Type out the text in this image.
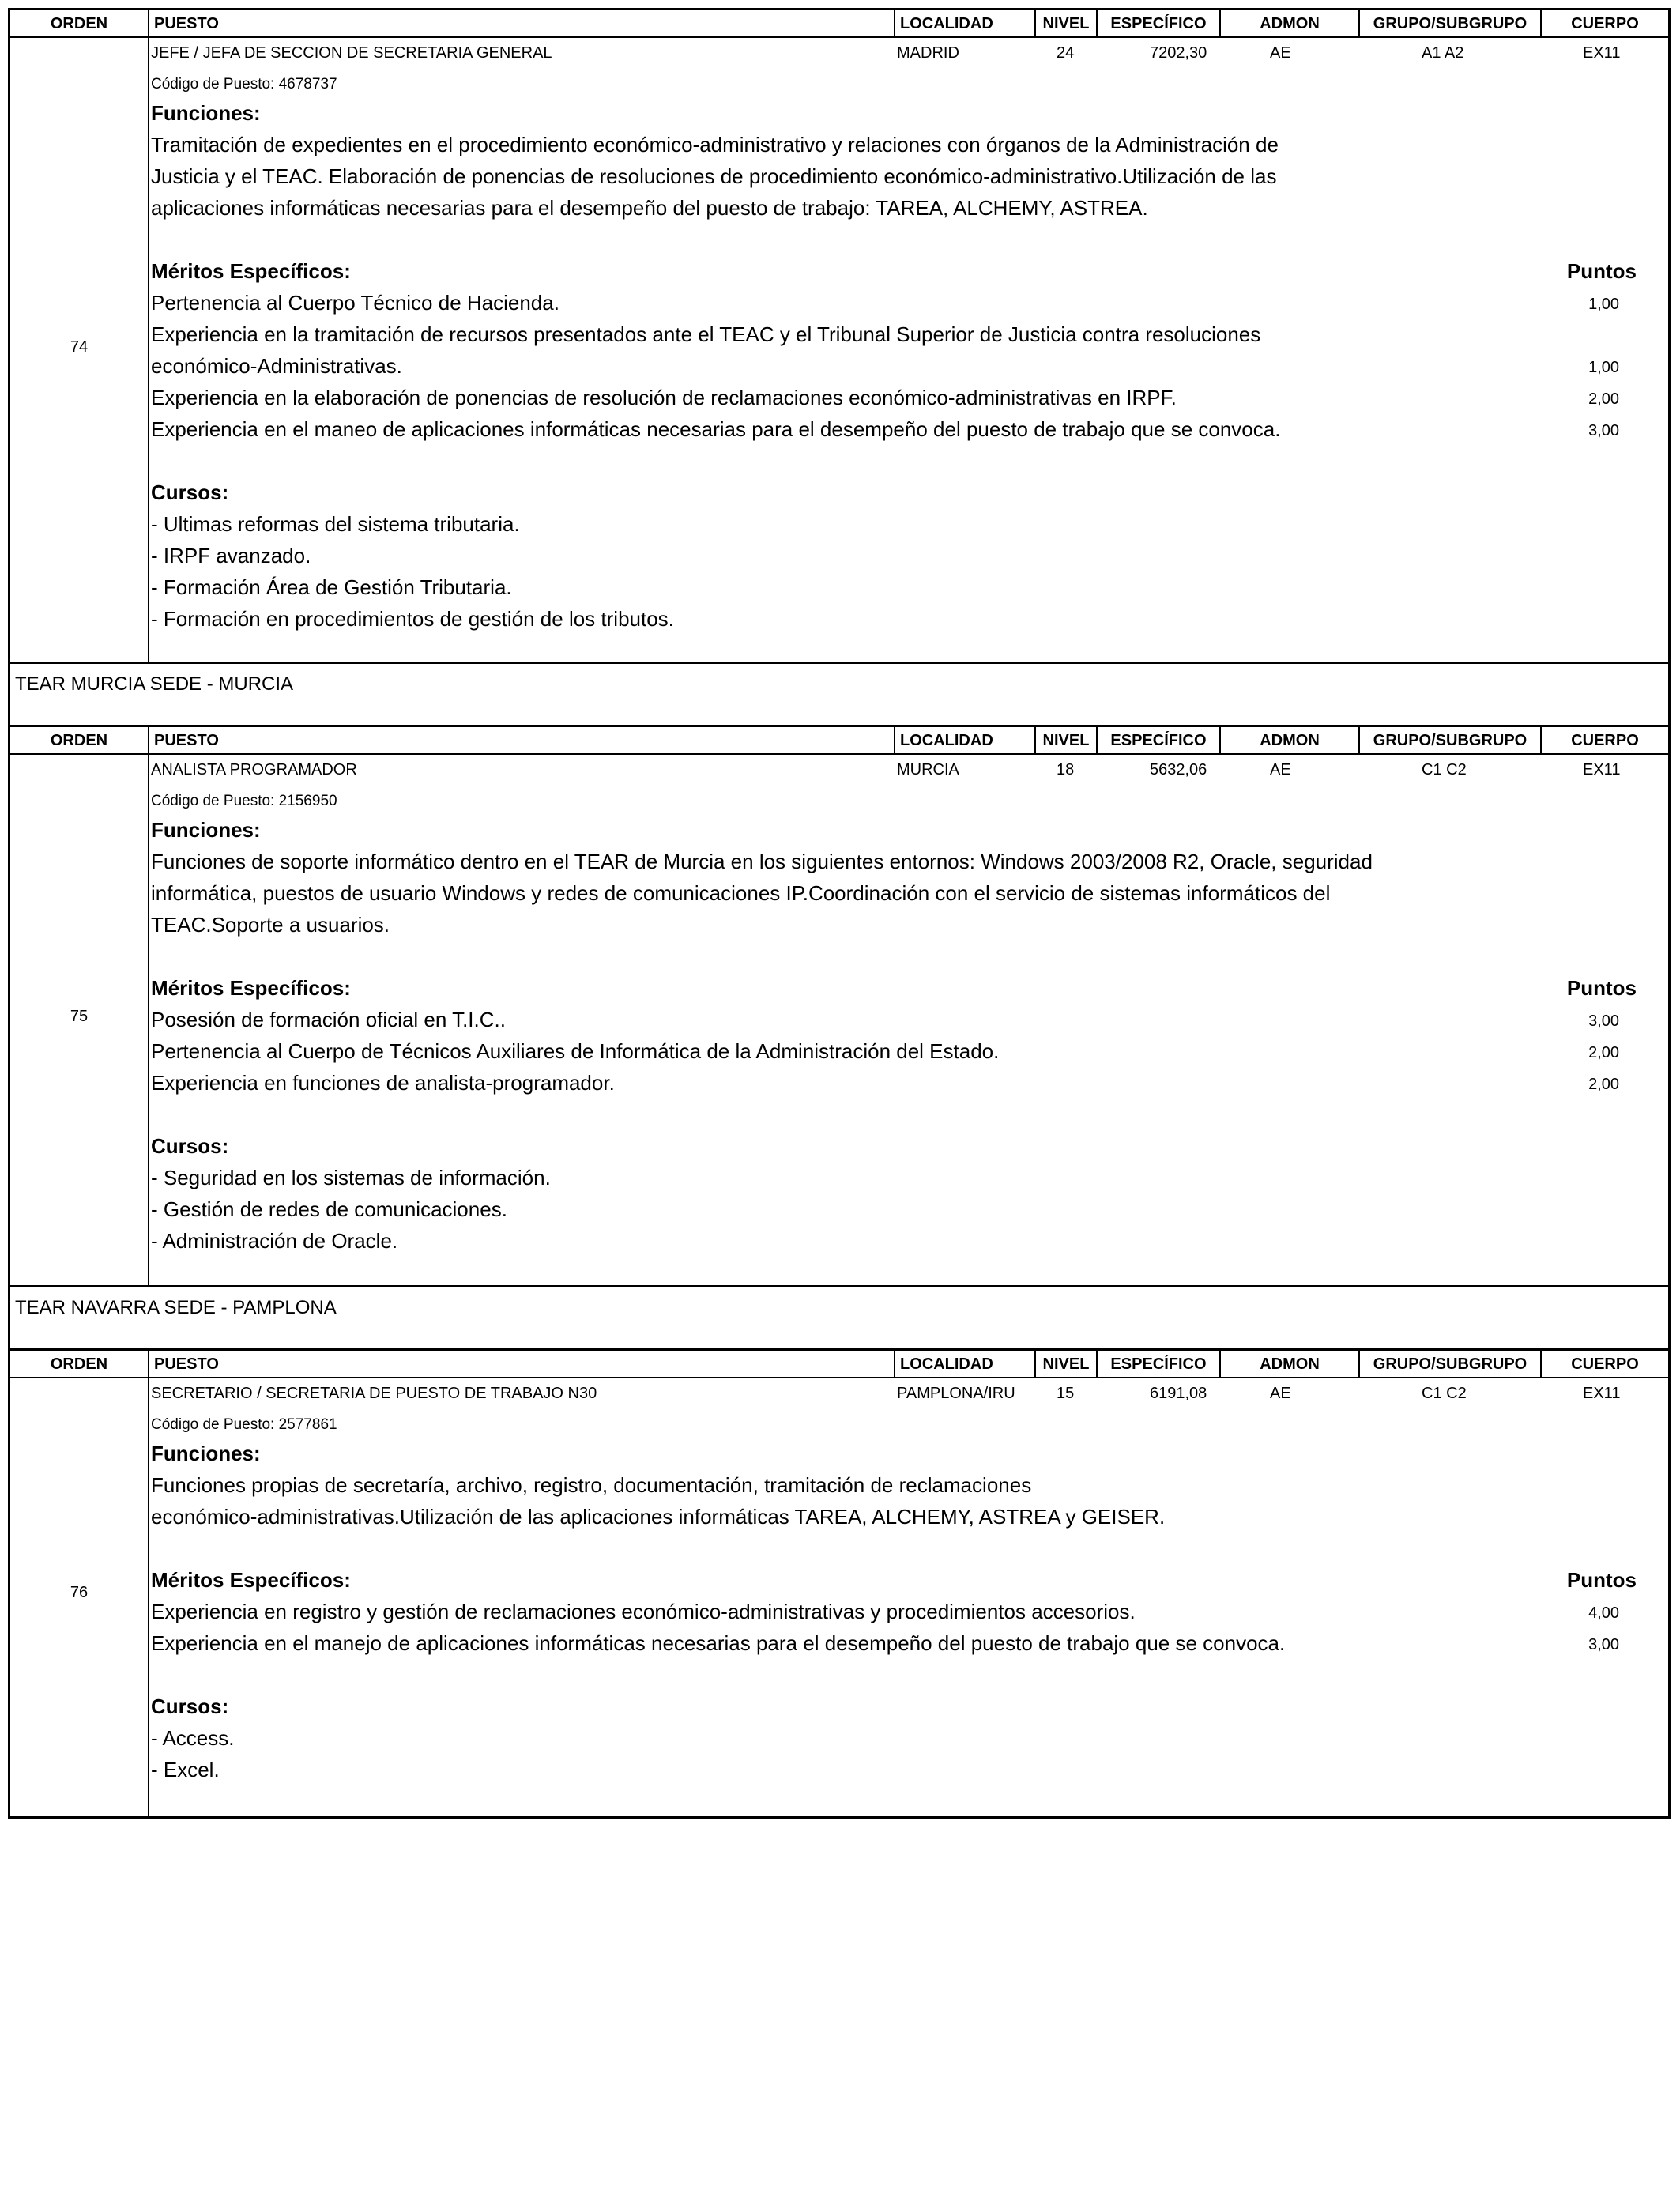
ORDEN	PUESTO	LOCALIDAD	NIVEL	ESPECÍFICO	ADMON	GRUPO/SUBGRUPO	CUERPO
74
JEFE / JEFA DE SECCION DE SECRETARIA GENERAL	MADRID	24	7202,30	AE	A1 A2	EX11
Código de Puesto: 4678737
Funciones:
Tramitación de expedientes en el procedimiento económico-administrativo y relaciones con órganos de la Administración de
Justicia y el TEAC. Elaboración de ponencias de resoluciones de procedimiento económico-administrativo.Utilización de las
aplicaciones informáticas necesarias para el desempeño del puesto de trabajo: TAREA, ALCHEMY, ASTREA.
Méritos Específicos:	Puntos
Pertenencia al Cuerpo Técnico de Hacienda.	1,00
Experiencia en la tramitación de recursos presentados ante el TEAC y el Tribunal Superior de Justicia contra resoluciones
económico-Administrativas.	1,00
Experiencia en la elaboración de ponencias de resolución de reclamaciones económico-administrativas en IRPF.	2,00
Experiencia en el maneo de aplicaciones informáticas necesarias para el desempeño del puesto de trabajo que se convoca.	3,00
Cursos:
- Ultimas reformas del sistema tributaria.
- IRPF avanzado.
- Formación Área de Gestión Tributaria.
- Formación en procedimientos de gestión de los tributos.
TEAR MURCIA SEDE - MURCIA
ORDEN	PUESTO	LOCALIDAD	NIVEL	ESPECÍFICO	ADMON	GRUPO/SUBGRUPO	CUERPO
75
ANALISTA PROGRAMADOR	MURCIA	18	5632,06	AE	C1 C2	EX11
Código de Puesto: 2156950
Funciones:
Funciones de soporte informático dentro en el TEAR de Murcia en los siguientes entornos: Windows 2003/2008 R2, Oracle, seguridad
informática, puestos de usuario Windows y redes de comunicaciones IP.Coordinación con el servicio de sistemas informáticos del
TEAC.Soporte a usuarios.
Méritos Específicos:	Puntos
Posesión de formación oficial en T.I.C..	3,00
Pertenencia al Cuerpo de Técnicos Auxiliares de Informática de la Administración del Estado.	2,00
Experiencia en funciones de analista-programador.	2,00
Cursos:
- Seguridad en los sistemas de información.
- Gestión de redes de comunicaciones.
- Administración de Oracle.
TEAR NAVARRA SEDE - PAMPLONA
ORDEN	PUESTO	LOCALIDAD	NIVEL	ESPECÍFICO	ADMON	GRUPO/SUBGRUPO	CUERPO
76
SECRETARIO / SECRETARIA DE PUESTO DE TRABAJO N30	PAMPLONA/IRU	15	6191,08	AE	C1 C2	EX11
Código de Puesto: 2577861
Funciones:
Funciones propias de secretaría, archivo, registro, documentación, tramitación de reclamaciones
económico-administrativas.Utilización de las aplicaciones informáticas TAREA, ALCHEMY, ASTREA y GEISER.
Méritos Específicos:	Puntos
Experiencia en registro y gestión de reclamaciones económico-administrativas y procedimientos accesorios.	4,00
Experiencia en el manejo de aplicaciones informáticas necesarias para el desempeño del puesto de trabajo que se convoca.	3,00
Cursos:
- Access.
- Excel.
